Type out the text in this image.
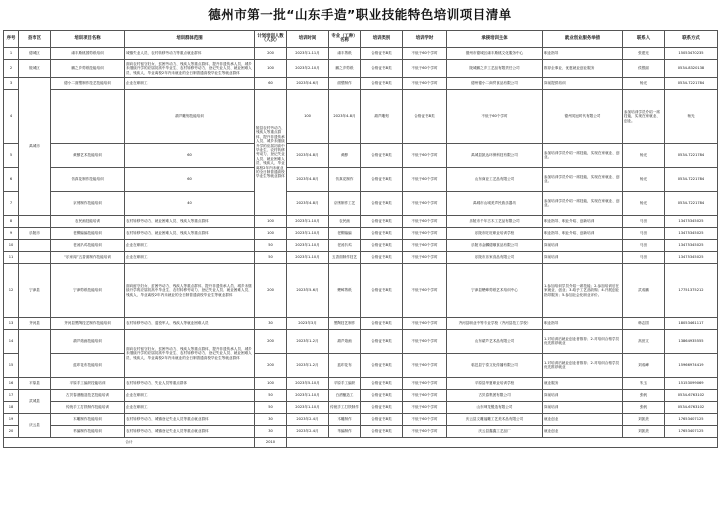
德州市第一批“山东手造”职业技能特色培训项目清单
序号	县市区	培训项目名称	培训群体范围	计划培训人数（人次）	培训时间	专业（工种）名称	培训类别	培训学时	承接培训主体	就业创业服务举措	联系人	联系方式	
1	德城区	虞丰斯桃园剪纸培训	城镇失业人员、农村转移劳动力等重点就业群体	200	2023年1-11月	虞丰剪纸	合格证书B类	不低于60个学时	德州市德城区虞丰斯桃文化服务中心	职业指导	张建光	15053470235	
2	陵城区	鹏之乡剪纸技能培训	面向农村留守妇女、贫困劳动力、残疾人等重点群体，提升非遗传承人员、城乡未继续升学的应届初高中毕业生、农村转移劳动力、登记失业人员、就业困难人员、残疾人、毕业离校2年内未就业的全日制普通高校毕业生等就业群体	100	2023年2-10月	鹏之乡剪纸	合格证书B类	不低于60个学时	陵城鹏之乡工艺品有限责任公司	推荐企事业、优惠就业创业服务	侯银丽	0534-8320138	
3	禹城市	德小二面塑制作技艺技能培训	企业在职职工	60	2023年4-6月	面塑制作	合格证书B类	不低于60个学时	德州德小二商贸食品有限公司	岗前提供培训	杨光	0534-7221784	
4			葫芦雕刻技能培训	陵县农村劳动力、残疾人等重点群体，提升非遗传承人员、城乡未继续升学的应届初高中毕业生、农村转移劳动力、登记失业人员、就业困难人员、残疾人、毕业离校2年内未就业的全日制普通高校毕业生等就业群体	100	2023年4-8月	葫芦雕刻	合格证书B类	不低于60个学时	德州英冠时代有限公司	参加培训学员介绍一席技能，实现在家就业、创业。	杨光	
5		黄酵艺术技能培训	60		2023年4-8月	黄酵	合格证书B类	不低于60个学时	禹城县凯达环保科技有限公司	参加培训学员介绍一席技能，实现在家就业、创业。	杨光	0534-7221784	
6		仿真花制作技能培训	60		2023年4-8月	仿真花制作	合格证书B类	不低于60个学时	山东商亚工艺品有限公司	参加培训学员介绍一席技能，实现在家就业、创业。	杨光	0534-7221784	
7		京绣制作技能培训	40		2023年4-8月	京绣制作工艺	合格证书B类	不低于60个学时	禹城市山城美声民族乐器坊	参加培训学员介绍一席技能，实现在家就业、创业。	杨光	0534-7221784	
8		农民画技能培训	农村转移劳动力、就业困难人员、残疾人等重点群体	100	2023年1-10月	农民画	合格证书B类	不低于60个学时	乐陵市千年古木工艺品有限公司	职业指导、职业介绍、创新培训	马田	13475345025	
9	乐陵市	老柳编编技能培训	农村转移劳动力、就业困难人员、残疾人等重点群体	100	2023年1-10月	老柳编编	合格证书B类	不低于60个学时	乐陵市旺旺职业培训学校	职业指导、职业介绍、创新培训	马田	13475345025	
10		老汤扒鸡技能培训	企业在职职工	50	2023年1-10月	老汤扒鸡	合格证书B类	不低于60个学时	乐陵市金麟德顺食品有限公司	岗前培训	马田	13475345025	
11		“乐家闻”五香面制作技能培训	企业在职职工	50	2023年1-10月	五香面制作技艺	合格证书B类	不低于60个学时	乐陵市乐家食品有限公司	岗前培训	马田	13475345025	
12	宁津县	宁津剪纸技能培训	面向留守妇女、贫困劳动力、残疾人等重点群体，提升非遗传承人员、城乡未继续升学的应届初高中毕业生、农村转移劳动力、登记失业人员、就业困难人员、残疾人、毕业离校2年内未就业的全日制普通高校毕业生等就业群体	200	2023年5-6月	蟋蟀剪纸	合格证书B类	不低于60个学时	宁津县蟋蟀剪纸艺术培训中心	1.参加培训学员介绍一席技能；2.参加培训后在家就业、创业；3.给予工艺品收购；4.开展创业指导服务；5.参加社会化职业评价。	武成鹏	17751375212	
13	齐河县	齐河县黑陶技艺制作技能培训	农村转移劳动力、退役军人、残疾人等就业困难人员	30	2023年3月	黑陶技艺制作	合格证书B类	不低于60个学时	齐河县职业中等专业学校（齐河县技工学校）	职业指导	韩志国	18053461117	
14		葫芦烙画技能培训	面向农村留守妇女、贫困劳动力、残疾人等重点群体，提升非遗传承人员、城乡未继续升学的应届初高中毕业生、农村转移劳动力、登记失业人员、就业困难人员、残疾人、毕业离校2年内未就业的全日制普通高校毕业生等就业群体	200	2023年1-2月	葫芦烙画	合格证书B类	不低于60个学时	山东葫芦艺术品有限公司	1.对培训后就业创业者推荐；2.对培训合格学员优先推荐就业	高世文	13864935555	
15		蓝印花布技能培训		200	2023年1-2月	蓝印花布	合格证书B类	不低于60个学时	临邑县宁泰文化传播有限公司	1.对培训后就业创业者推荐；2.对培训合格学员优先推荐就业	刘成峰	15966974419	
16	平原县	平原手工编织技能培训	农村转移劳动力、失业人员等重点群体	100	2023年5-10月	平原手工编织	合格证书B类	不低于60个学时	平原县华夏职业培训学校	就业服务	朱玉	15153099069	
17	武城县	古贝春酒酿造技艺技能培训	企业在职职工	50	2023年1-10月	白酒酿造工	合格证书B类	不低于60个学时	古贝春集团有限公司	岗前培训	张帆	0534-6763102	
18		传统手工打铁制作技能培训	企业在职职工	50	2023年1-10月	传统手工打铁制作	合格证书B类	不低于60个学时	山东坤龙锻造有限公司	岗前培训	张帆	0534-6763102	
19	庆云县	木雕制作技能培训	农村转移劳动力、城镇登记失业人员等重点就业群体	30	2023年2-4月	木雕制作	合格证书B类	不低于60个学时	庆云县文雕福雕工艺美术品有限公司	就业创业	刘凯美	17653407125	
20		苇编制作技能培训	农村转移劳动力、城镇登记失业人员等重点就业群体	30	2023年2-4月	苇编制作	合格证书B类	不低于60个学时	庆云县鑫鑫工艺品厂	就业创业	刘凯美	17653407125	
合计				2010									
